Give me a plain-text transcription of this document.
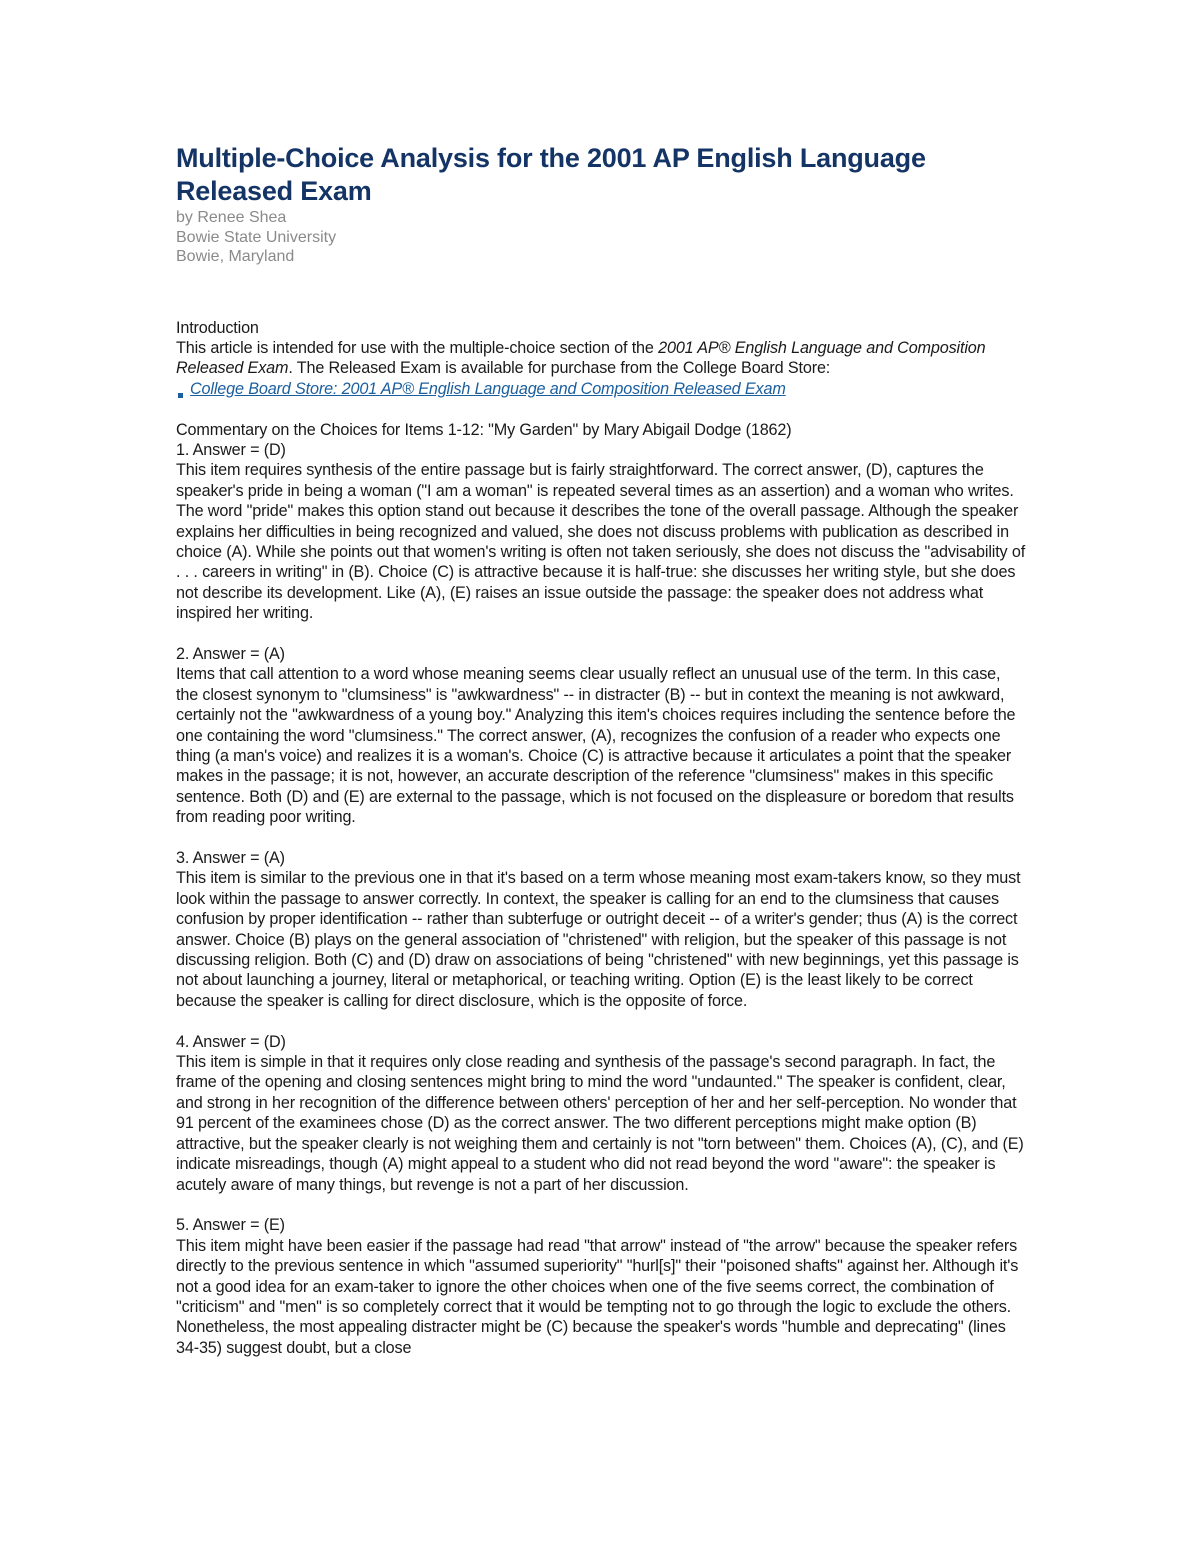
Multiple-Choice Analysis for the 2001 AP English Language
Released Exam
by Renee Shea
Bowie State University
Bowie, Maryland
Introduction
This article is intended for use with the multiple-choice section of the 2001 AP® English Language and Composition Released Exam. The Released Exam is available for purchase from the College Board Store:
College Board Store: 2001 AP® English Language and Composition Released Exam
Commentary on the Choices for Items 1-12: "My Garden" by Mary Abigail Dodge (1862)
1. Answer = (D)
This item requires synthesis of the entire passage but is fairly straightforward. The correct answer, (D), captures the speaker's pride in being a woman ("I am a woman" is repeated several times as an assertion) and a woman who writes. The word "pride" makes this option stand out because it describes the tone of the overall passage. Although the speaker explains her difficulties in being recognized and valued, she does not discuss problems with publication as described in choice (A). While she points out that women's writing is often not taken seriously, she does not discuss the "advisability of . . . careers in writing" in (B). Choice (C) is attractive because it is half-true: she discusses her writing style, but she does not describe its development. Like (A), (E) raises an issue outside the passage: the speaker does not address what inspired her writing.
2. Answer = (A)
Items that call attention to a word whose meaning seems clear usually reflect an unusual use of the term. In this case, the closest synonym to "clumsiness" is "awkwardness" -- in distracter (B) -- but in context the meaning is not awkward, certainly not the "awkwardness of a young boy." Analyzing this item's choices requires including the sentence before the one containing the word "clumsiness." The correct answer, (A), recognizes the confusion of a reader who expects one thing (a man's voice) and realizes it is a woman's. Choice (C) is attractive because it articulates a point that the speaker makes in the passage; it is not, however, an accurate description of the reference "clumsiness" makes in this specific sentence. Both (D) and (E) are external to the passage, which is not focused on the displeasure or boredom that results from reading poor writing.
3. Answer = (A)
This item is similar to the previous one in that it's based on a term whose meaning most exam-takers know, so they must look within the passage to answer correctly. In context, the speaker is calling for an end to the clumsiness that causes confusion by proper identification -- rather than subterfuge or outright deceit -- of a writer's gender; thus (A) is the correct answer. Choice (B) plays on the general association of "christened" with religion, but the speaker of this passage is not discussing religion. Both (C) and (D) draw on associations of being "christened" with new beginnings, yet this passage is not about launching a journey, literal or metaphorical, or teaching writing. Option (E) is the least likely to be correct because the speaker is calling for direct disclosure, which is the opposite of force.
4. Answer = (D)
This item is simple in that it requires only close reading and synthesis of the passage's second paragraph. In fact, the frame of the opening and closing sentences might bring to mind the word "undaunted." The speaker is confident, clear, and strong in her recognition of the difference between others' perception of her and her self-perception. No wonder that 91 percent of the examinees chose (D) as the correct answer. The two different perceptions might make option (B) attractive, but the speaker clearly is not weighing them and certainly is not "torn between" them. Choices (A), (C), and (E) indicate misreadings, though (A) might appeal to a student who did not read beyond the word "aware": the speaker is acutely aware of many things, but revenge is not a part of her discussion.
5. Answer = (E)
This item might have been easier if the passage had read "that arrow" instead of "the arrow" because the speaker refers directly to the previous sentence in which "assumed superiority" "hurl[s]" their "poisoned shafts" against her. Although it's not a good idea for an exam-taker to ignore the other choices when one of the five seems correct, the combination of "criticism" and "men" is so completely correct that it would be tempting not to go through the logic to exclude the others. Nonetheless, the most appealing distracter might be (C) because the speaker's words "humble and deprecating" (lines 34-35) suggest doubt, but a close
